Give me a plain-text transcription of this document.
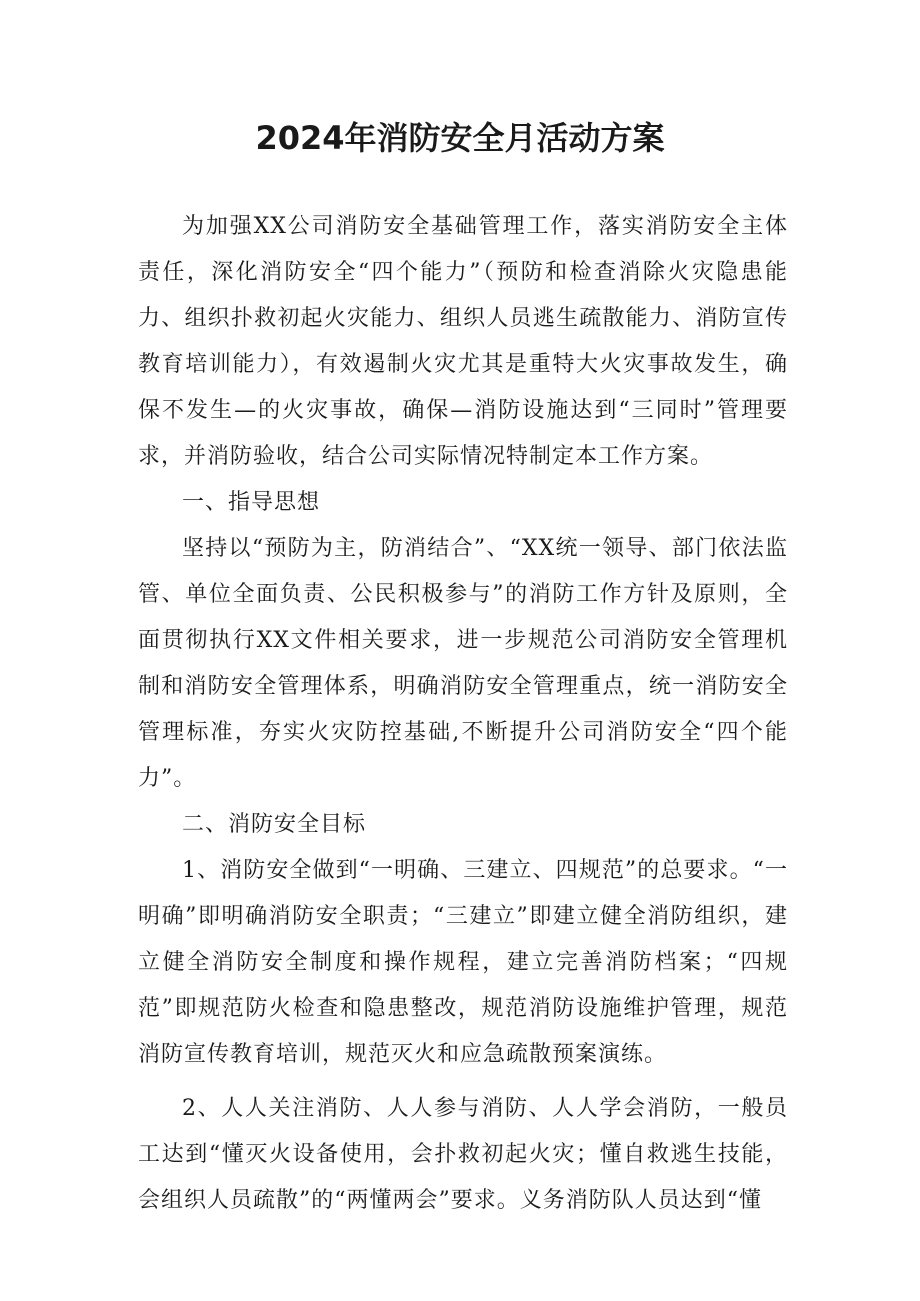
2024年消防安全月活动方案

为加强XX公司消防安全基础管理工作，落实消防安全主体责任，深化消防安全“四个能力”（预防和检查消除火灾隐患能力、组织扑救初起火灾能力、组织人员逃生疏散能力、消防宣传教育培训能力），有效遏制火灾尤其是重特大火灾事故发生，确保不发生—的火灾事故，确保—消防设施达到“三同时”管理要求，并消防验收，结合公司实际情况特制定本工作方案。

一、指导思想

坚持以“预防为主，防消结合”、“XX统一领导、部门依法监管、单位全面负责、公民积极参与”的消防工作方针及原则，全面贯彻执行XX文件相关要求，进一步规范公司消防安全管理机制和消防安全管理体系，明确消防安全管理重点，统一消防安全管理标准，夯实火灾防控基础,不断提升公司消防安全“四个能力”。

二、消防安全目标

1、消防安全做到“一明确、三建立、四规范”的总要求。“一明确”即明确消防安全职责；“三建立”即建立健全消防组织，建立健全消防安全制度和操作规程，建立完善消防档案；“四规范”即规范防火检查和隐患整改，规范消防设施维护管理，规范消防宣传教育培训，规范灭火和应急疏散预案演练。

2、人人关注消防、人人参与消防、人人学会消防，一般员工达到“懂灭火设备使用，会扑救初起火灾；懂自救逃生技能，会组织人员疏散”的“两懂两会”要求。义务消防队人员达到“懂
